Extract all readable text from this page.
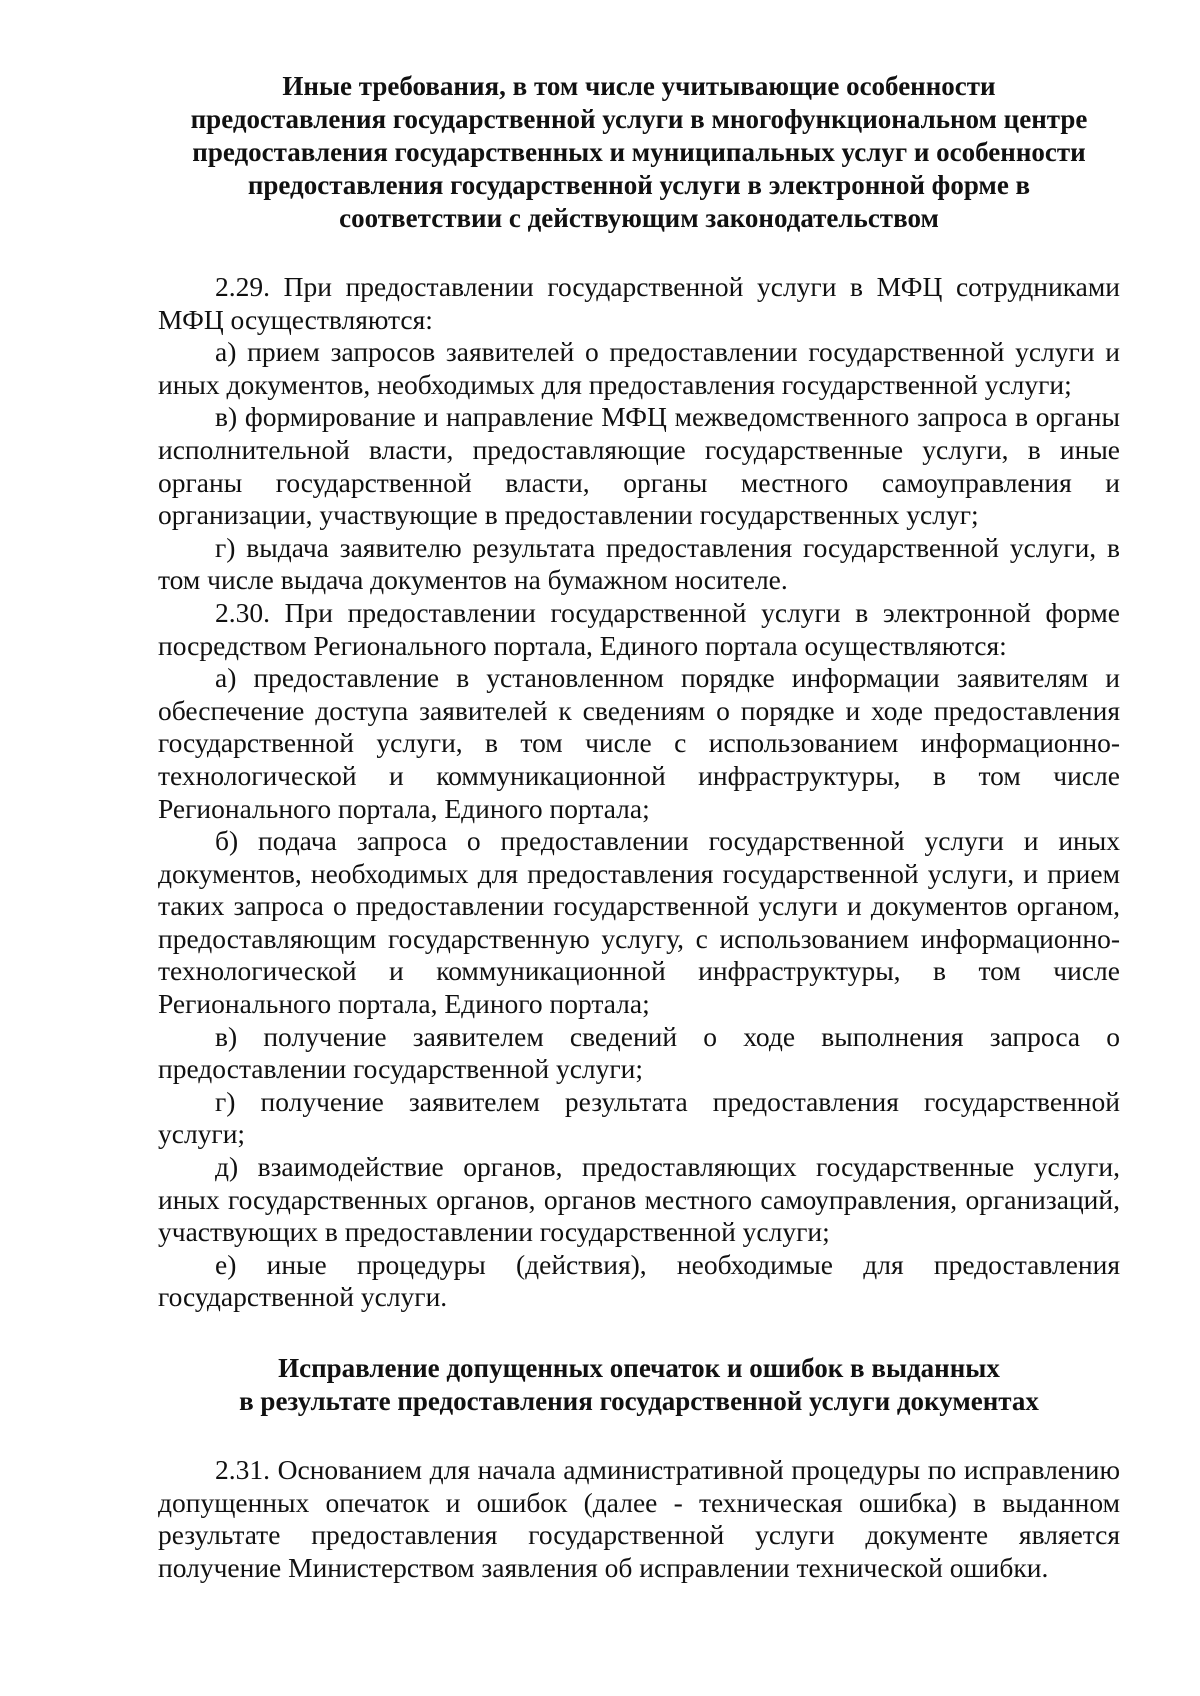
Иные требования, в том числе учитывающие особенности
предоставления государственной услуги в многофункциональном центре
предоставления государственных и муниципальных услуг и особенности
предоставления государственной услуги в электронной форме в
соответствии с действующим законодательством

2.29. При предоставлении государственной услуги в МФЦ сотрудниками МФЦ осуществляются:

а) прием запросов заявителей о предоставлении государственной услуги и иных документов, необходимых для предоставления государственной услуги;

в) формирование и направление МФЦ межведомственного запроса в органы исполнительной власти, предоставляющие государственные услуги, в иные органы государственной власти, органы местного самоуправления и организации, участвующие в предоставлении государственных услуг;

г) выдача заявителю результата предоставления государственной услуги, в том числе выдача документов на бумажном носителе.

2.30. При предоставлении государственной услуги в электронной форме посредством Регионального портала, Единого портала осуществляются:

а) предоставление в установленном порядке информации заявителям и обеспечение доступа заявителей к сведениям о порядке и ходе предоставления государственной услуги, в том числе с использованием информационно-технологической и коммуникационной инфраструктуры, в том числе Регионального портала, Единого портала;

б) подача запроса о предоставлении государственной услуги и иных документов, необходимых для предоставления государственной услуги, и прием таких запроса о предоставлении государственной услуги и документов органом, предоставляющим государственную услугу, с использованием информационно-технологической и коммуникационной инфраструктуры, в том числе Регионального портала, Единого портала;

в) получение заявителем сведений о ходе выполнения запроса о предоставлении государственной услуги;

г) получение заявителем результата предоставления государственной услуги;

д) взаимодействие органов, предоставляющих государственные услуги, иных государственных органов, органов местного самоуправления, организаций, участвующих в предоставлении государственной услуги;

е) иные процедуры (действия), необходимые для предоставления государственной услуги.

Исправление допущенных опечаток и ошибок в выданных
в результате предоставления государственной услуги документах

2.31. Основанием для начала административной процедуры по исправлению допущенных опечаток и ошибок (далее - техническая ошибка) в выданном результате предоставления государственной услуги документе является получение Министерством заявления об исправлении технической ошибки.
